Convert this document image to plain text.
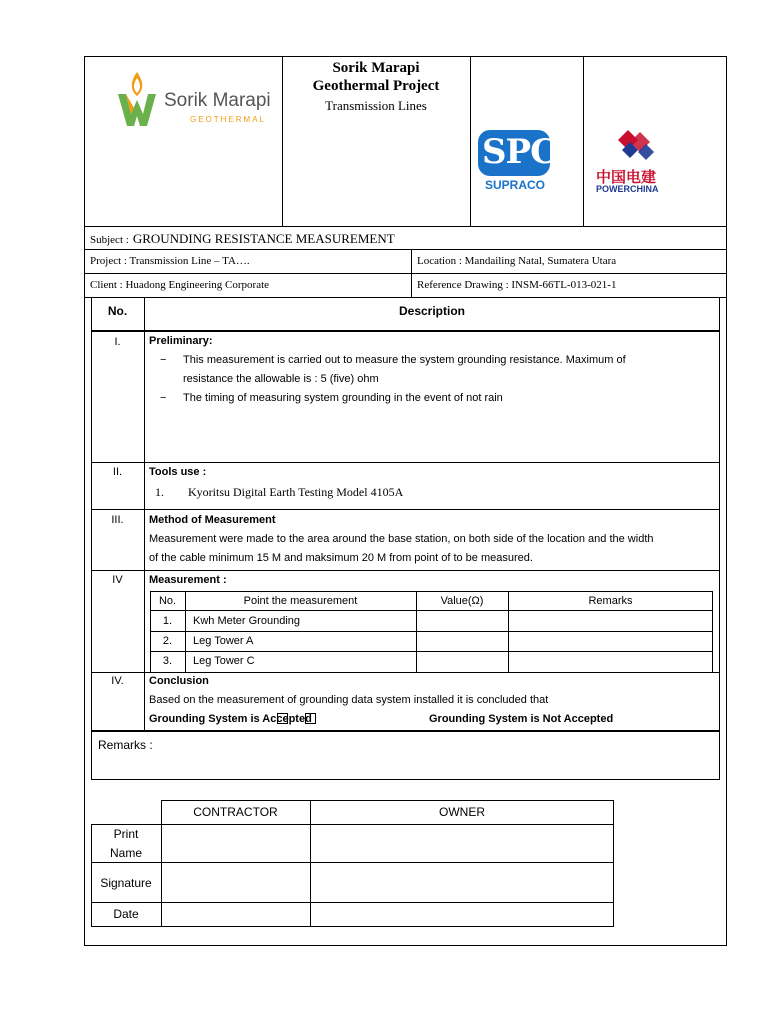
Sorik Marapi
GEOTHERMAL
Sorik Marapi
Geothermal Project
Transmission Lines
SPC
SUPRACO	中国电建
POWERCHINA
Subject : GROUNDING RESISTANCE MEASUREMENT
Project : Transmission Line – TA….	Location : Mandailing Natal, Sumatera Utara
Client : Huadong Engineering Corporate	Reference Drawing : INSM-66TL-013-021-1
No.	Description
I.	Preliminary:
− This measurement is carried out to measure the system grounding resistance. Maximum of
resistance the allowable is : 5 (five) ohm
− The timing of measuring system grounding in the event of not rain
II.	Tools use :
1. Kyoritsu Digital Earth Testing Model 4105A
III.	Method of Measurement
Measurement were made to the area around the base station, on both side of the location and the width
of the cable minimum 15 M and maksimum 20 M from point of to be measured.
IV	Measurement :
No.	Point the measurement	Value(Ω)	Remarks
1.	Kwh Meter Grounding
2.	Leg Tower A
3.	Leg Tower C
IV.	Conclusion
Based on the measurement of grounding data system installed it is concluded that
Grounding System is Accepted	Grounding System is Not Accepted
Remarks :
CONTRACTOR	OWNER
Print
Name
Signature
Date
